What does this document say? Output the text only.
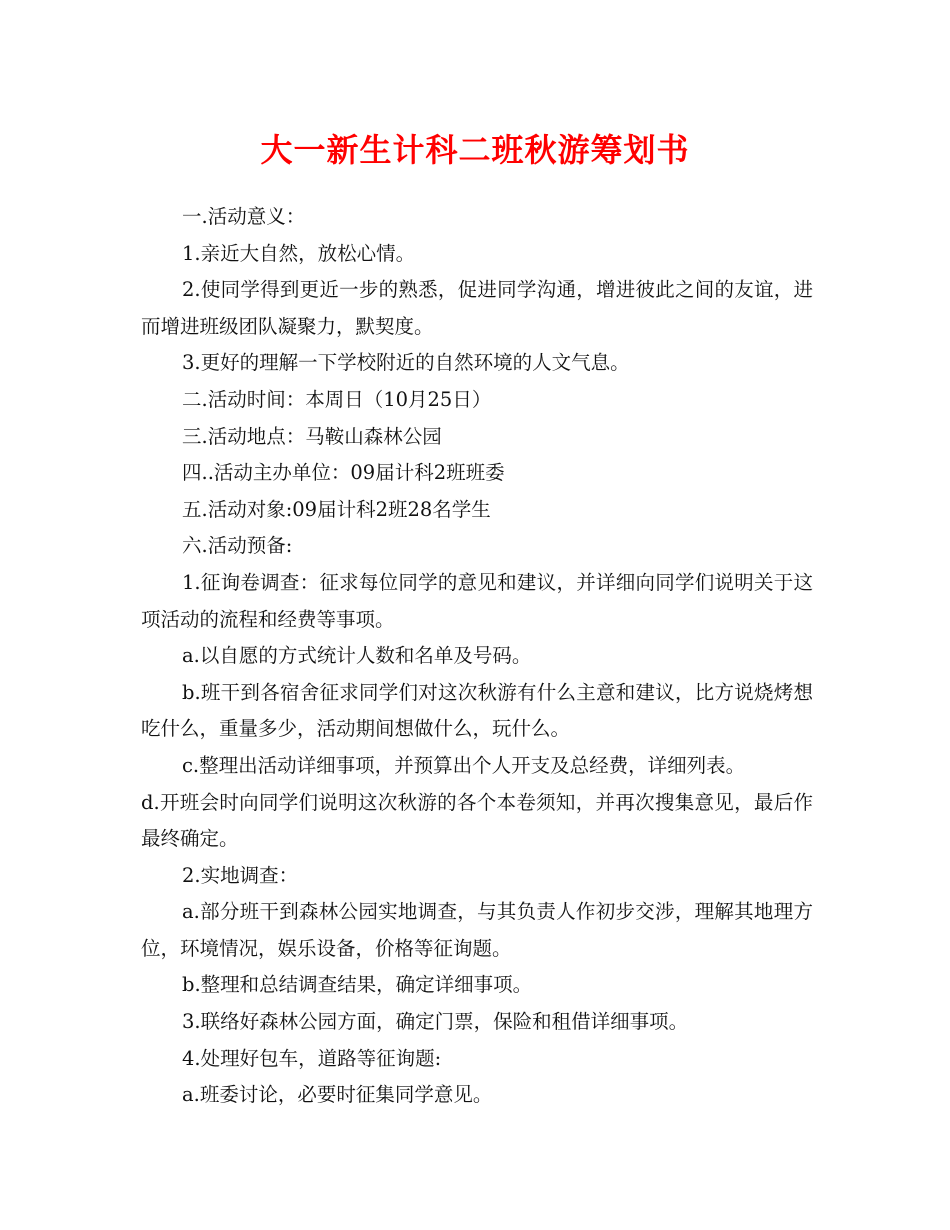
大一新生计科二班秋游筹划书

一.活动意义：

1.亲近大自然，放松心情。

2.使同学得到更近一步的熟悉，促进同学沟通，增进彼此之间的友谊，进而增进班级团队凝聚力，默契度。

3.更好的理解一下学校附近的自然环境的人文气息。

二.活动时间：本周日（10月25日）

三.活动地点：马鞍山森林公园

四..活动主办单位：09届计科2班班委

五.活动对象:09届计科2班28名学生

六.活动预备:

1.征询卷调查：征求每位同学的意见和建议，并详细向同学们说明关于这项活动的流程和经费等事项。

a.以自愿的方式统计人数和名单及号码。

b.班干到各宿舍征求同学们对这次秋游有什么主意和建议，比方说烧烤想吃什么，重量多少，活动期间想做什么，玩什么。

c.整理出活动详细事项，并预算出个人开支及总经费，详细列表。

d.开班会时向同学们说明这次秋游的各个本卷须知，并再次搜集意见，最后作最终确定。

2.实地调查：

a.部分班干到森林公园实地调查，与其负责人作初步交涉，理解其地理方位，环境情况，娱乐设备，价格等征询题。

b.整理和总结调查结果，确定详细事项。

3.联络好森林公园方面，确定门票，保险和租借详细事项。

4.处理好包车，道路等征询题:

a.班委讨论，必要时征集同学意见。
